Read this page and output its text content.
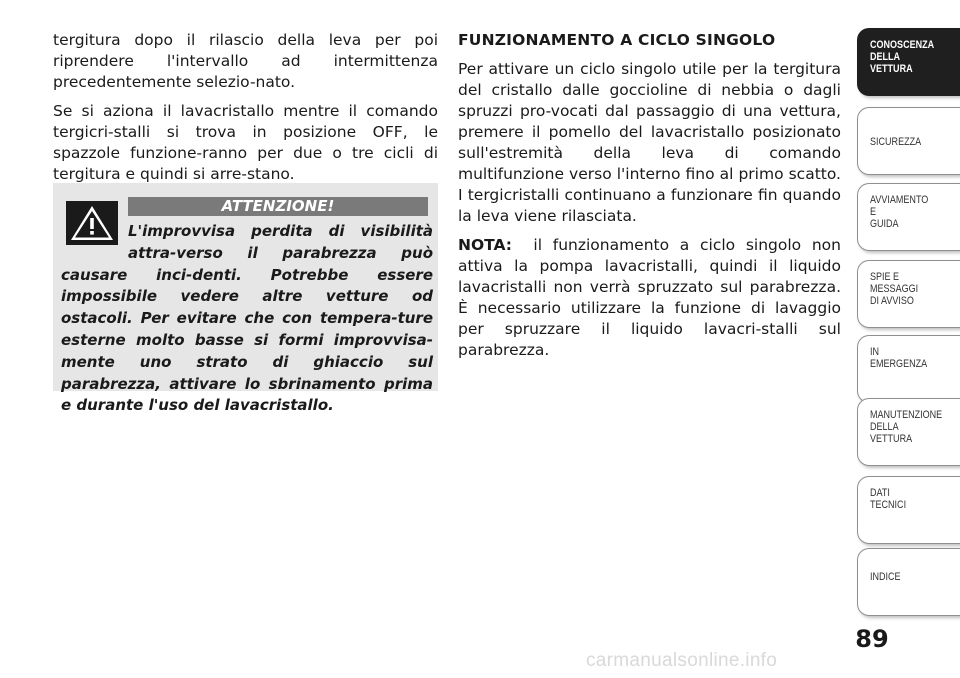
tergitura dopo il rilascio della leva per poi riprendere l'intervallo ad intermittenza precedentemente selezio-nato.

Se si aziona il lavacristallo mentre il comando tergicri-stalli si trova in posizione OFF, le spazzole funzione-ranno per due o tre cicli di tergitura e quindi si arre-stano.

ATTENZIONE!
L'improvvisa perdita di visibilità attra-verso il parabrezza può causare inci-denti. Potrebbe essere impossibile vedere altre vetture od ostacoli. Per evitare che con tempera-ture esterne molto basse si formi improvvisa-mente uno strato di ghiaccio sul parabrezza, attivare lo sbrinamento prima e durante l'uso del lavacristallo.

FUNZIONAMENTO A CICLO SINGOLO

Per attivare un ciclo singolo utile per la tergitura del cristallo dalle goccioline di nebbia o dagli spruzzi pro-vocati dal passaggio di una vettura, premere il pomello del lavacristallo posizionato sull'estremità della leva di comando multifunzione verso l'interno fino al primo scatto. I tergicristalli continuano a funzionare fin quando la leva viene rilasciata.

NOTA: il funzionamento a ciclo singolo non attiva la pompa lavacristalli, quindi il liquido lavacristalli non verrà spruzzato sul parabrezza. È necessario utilizzare la funzione di lavaggio per spruzzare il liquido lavacri-stalli sul parabrezza.

CONOSCENZA
DELLA
VETTURA
SICUREZZA
AVVIAMENTO
E
GUIDA
SPIE E
MESSAGGI
DI AVVISO
IN
EMERGENZA
MANUTENZIONE
DELLA
VETTURA
DATI
TECNICI
INDICE
89
carmanualsonline.info
